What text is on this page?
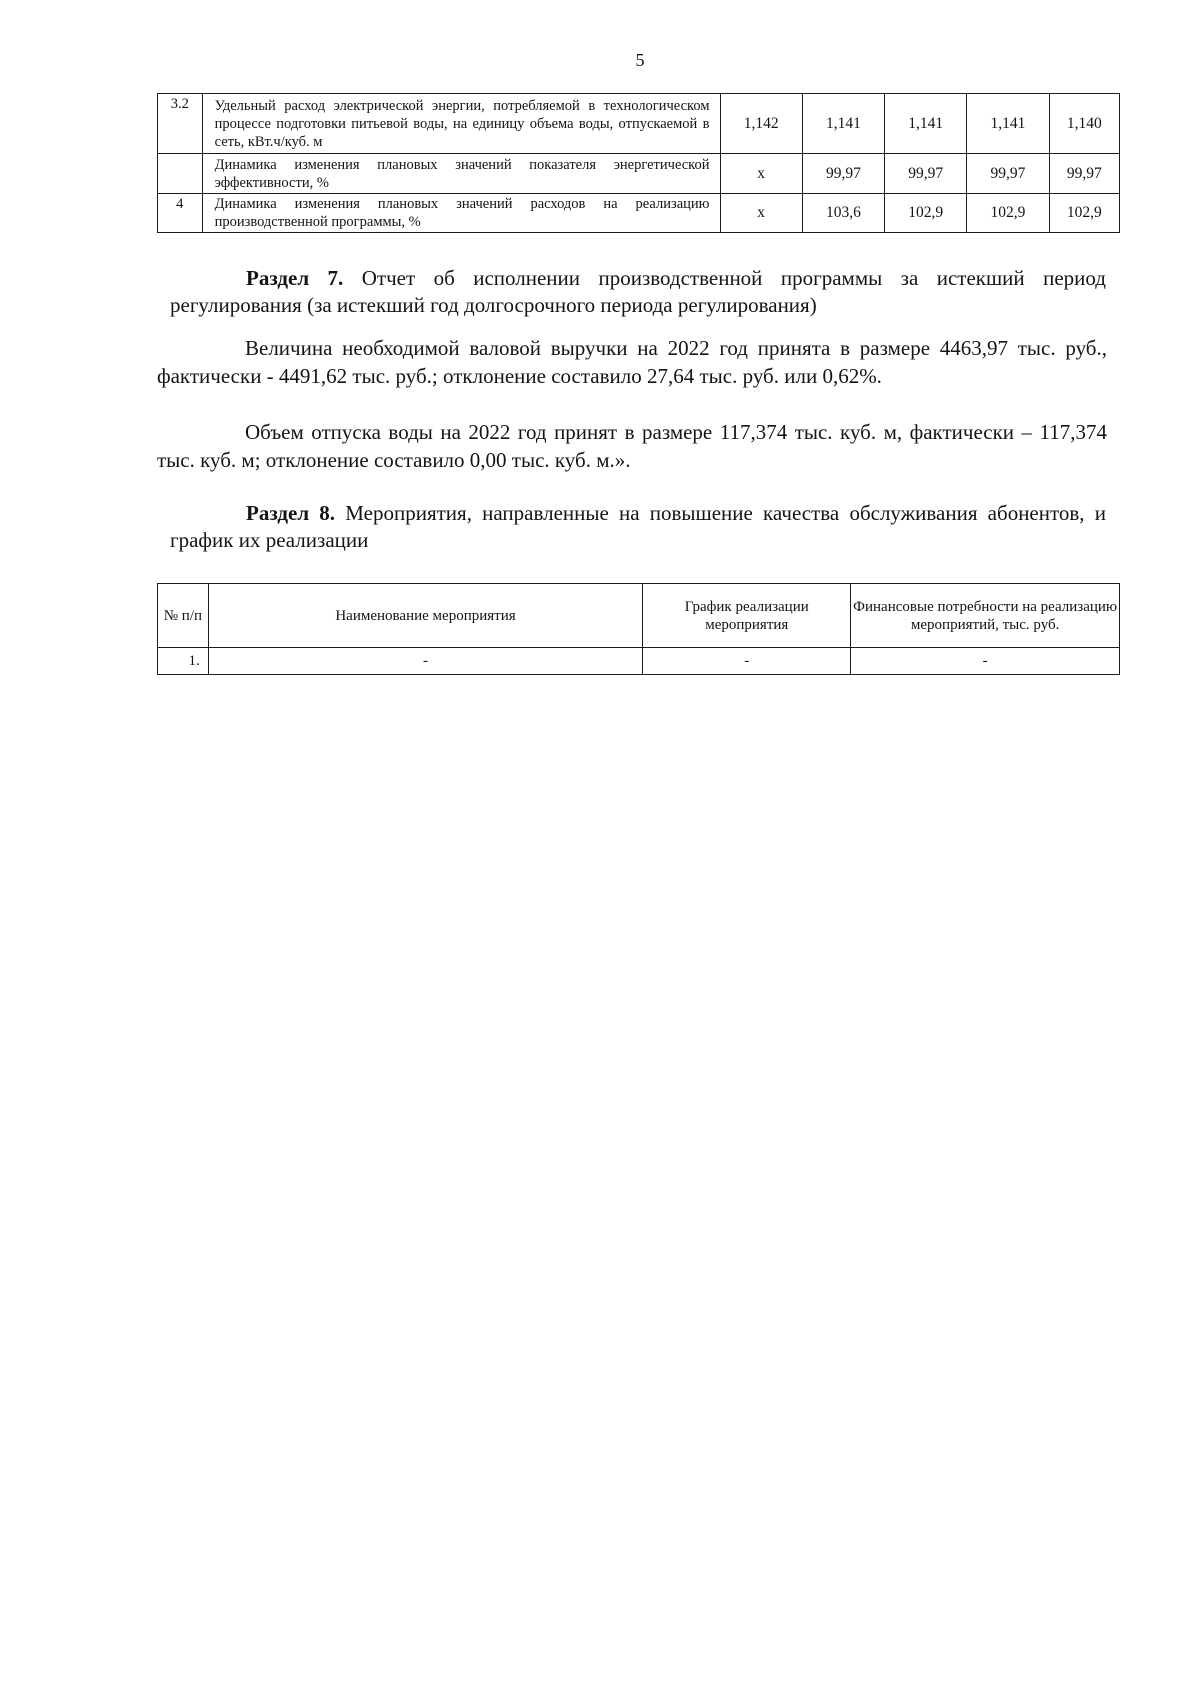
5
3.2	Удельный расход электрической энергии, потребляемой в технологическом процессе подготовки питьевой воды, на единицу объема воды, отпускаемой в сеть, кВт.ч/куб. м	1,142	1,141	1,141	1,141	1,140
	Динамика изменения плановых значений показателя энергетической эффективности, %	х	99,97	99,97	99,97	99,97
4	Динамика изменения плановых значений расходов на реализацию производственной программы, %	х	103,6	102,9	102,9	102,9
Раздел 7. Отчет об исполнении производственной программы за истекший период регулирования (за истекший год долгосрочного периода регулирования)
Величина необходимой валовой выручки на 2022 год принята в размере 4463,97 тыс. руб., фактически - 4491,62 тыс. руб.; отклонение составило 27,64 тыс. руб. или 0,62%.
Объем отпуска воды на 2022 год принят в размере 117,374 тыс. куб. м, фактически – 117,374 тыс. куб. м; отклонение составило 0,00 тыс. куб. м.».
Раздел 8. Мероприятия, направленные на повышение качества обслуживания абонентов, и график их реализации
№ п/п	Наименование мероприятия	График реализации мероприятия	Финансовые потребности на реализацию мероприятий, тыс. руб.
1.	-	-	-
